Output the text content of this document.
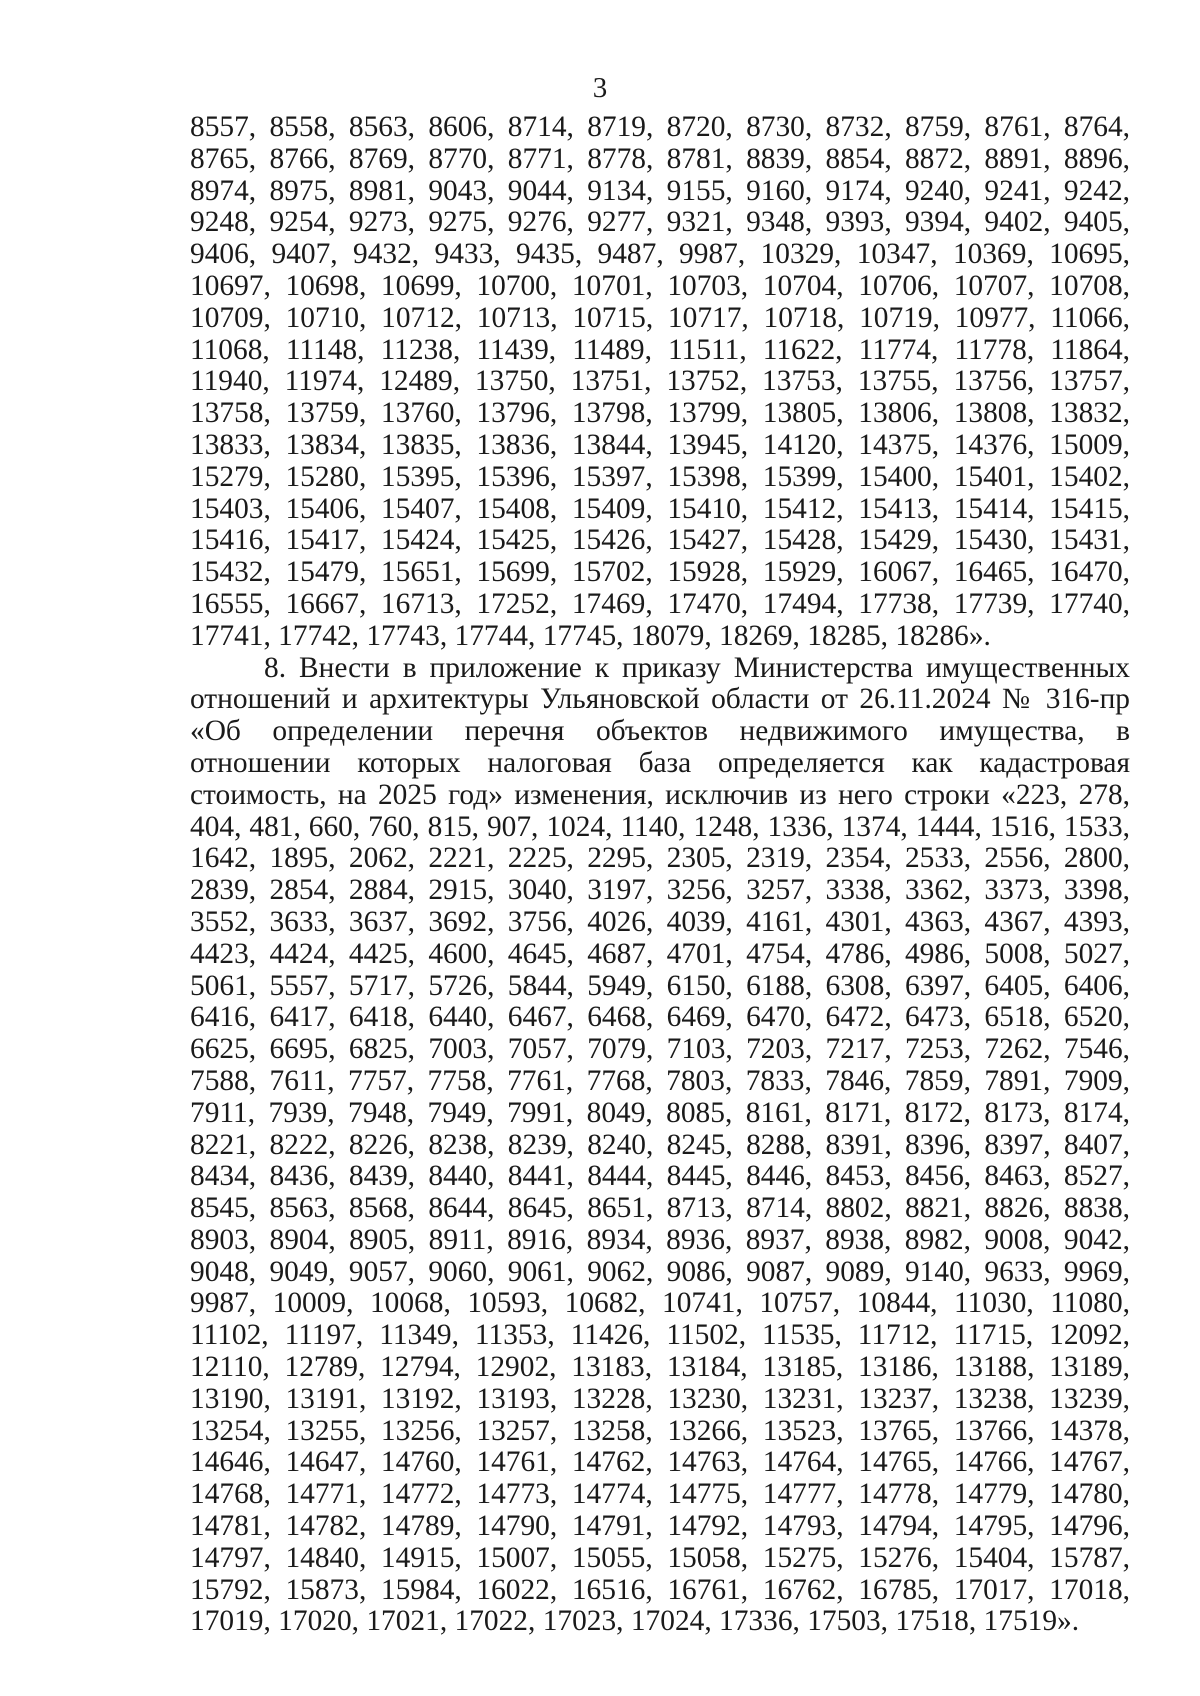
3

8557, 8558, 8563, 8606, 8714, 8719, 8720, 8730, 8732, 8759, 8761, 8764, 8765, 8766, 8769, 8770, 8771, 8778, 8781, 8839, 8854, 8872, 8891, 8896, 8974, 8975, 8981, 9043, 9044, 9134, 9155, 9160, 9174, 9240, 9241, 9242, 9248, 9254, 9273, 9275, 9276, 9277, 9321, 9348, 9393, 9394, 9402, 9405, 9406, 9407, 9432, 9433, 9435, 9487, 9987, 10329, 10347, 10369, 10695, 10697, 10698, 10699, 10700, 10701, 10703, 10704, 10706, 10707, 10708, 10709, 10710, 10712, 10713, 10715, 10717, 10718, 10719, 10977, 11066, 11068, 11148, 11238, 11439, 11489, 11511, 11622, 11774, 11778, 11864, 11940, 11974, 12489, 13750, 13751, 13752, 13753, 13755, 13756, 13757, 13758, 13759, 13760, 13796, 13798, 13799, 13805, 13806, 13808, 13832, 13833, 13834, 13835, 13836, 13844, 13945, 14120, 14375, 14376, 15009, 15279, 15280, 15395, 15396, 15397, 15398, 15399, 15400, 15401, 15402, 15403, 15406, 15407, 15408, 15409, 15410, 15412, 15413, 15414, 15415, 15416, 15417, 15424, 15425, 15426, 15427, 15428, 15429, 15430, 15431, 15432, 15479, 15651, 15699, 15702, 15928, 15929, 16067, 16465, 16470, 16555, 16667, 16713, 17252, 17469, 17470, 17494, 17738, 17739, 17740, 17741, 17742, 17743, 17744, 17745, 18079, 18269, 18285, 18286».

8. Внести в приложение к приказу Министерства имущественных отношений и архитектуры Ульяновской области от 26.11.2024 № 316-пр «Об определении перечня объектов недвижимого имущества, в отношении которых налоговая база определяется как кадастровая стоимость, на 2025 год» изменения, исключив из него строки «223, 278, 404, 481, 660, 760, 815, 907, 1024, 1140, 1248, 1336, 1374, 1444, 1516, 1533, 1642, 1895, 2062, 2221, 2225, 2295, 2305, 2319, 2354, 2533, 2556, 2800, 2839, 2854, 2884, 2915, 3040, 3197, 3256, 3257, 3338, 3362, 3373, 3398, 3552, 3633, 3637, 3692, 3756, 4026, 4039, 4161, 4301, 4363, 4367, 4393, 4423, 4424, 4425, 4600, 4645, 4687, 4701, 4754, 4786, 4986, 5008, 5027, 5061, 5557, 5717, 5726, 5844, 5949, 6150, 6188, 6308, 6397, 6405, 6406, 6416, 6417, 6418, 6440, 6467, 6468, 6469, 6470, 6472, 6473, 6518, 6520, 6625, 6695, 6825, 7003, 7057, 7079, 7103, 7203, 7217, 7253, 7262, 7546, 7588, 7611, 7757, 7758, 7761, 7768, 7803, 7833, 7846, 7859, 7891, 7909, 7911, 7939, 7948, 7949, 7991, 8049, 8085, 8161, 8171, 8172, 8173, 8174, 8221, 8222, 8226, 8238, 8239, 8240, 8245, 8288, 8391, 8396, 8397, 8407, 8434, 8436, 8439, 8440, 8441, 8444, 8445, 8446, 8453, 8456, 8463, 8527, 8545, 8563, 8568, 8644, 8645, 8651, 8713, 8714, 8802, 8821, 8826, 8838, 8903, 8904, 8905, 8911, 8916, 8934, 8936, 8937, 8938, 8982, 9008, 9042, 9048, 9049, 9057, 9060, 9061, 9062, 9086, 9087, 9089, 9140, 9633, 9969, 9987, 10009, 10068, 10593, 10682, 10741, 10757, 10844, 11030, 11080, 11102, 11197, 11349, 11353, 11426, 11502, 11535, 11712, 11715, 12092, 12110, 12789, 12794, 12902, 13183, 13184, 13185, 13186, 13188, 13189, 13190, 13191, 13192, 13193, 13228, 13230, 13231, 13237, 13238, 13239, 13254, 13255, 13256, 13257, 13258, 13266, 13523, 13765, 13766, 14378, 14646, 14647, 14760, 14761, 14762, 14763, 14764, 14765, 14766, 14767, 14768, 14771, 14772, 14773, 14774, 14775, 14777, 14778, 14779, 14780, 14781, 14782, 14789, 14790, 14791, 14792, 14793, 14794, 14795, 14796, 14797, 14840, 14915, 15007, 15055, 15058, 15275, 15276, 15404, 15787, 15792, 15873, 15984, 16022, 16516, 16761, 16762, 16785, 17017, 17018, 17019, 17020, 17021, 17022, 17023, 17024, 17336, 17503, 17518, 17519».
